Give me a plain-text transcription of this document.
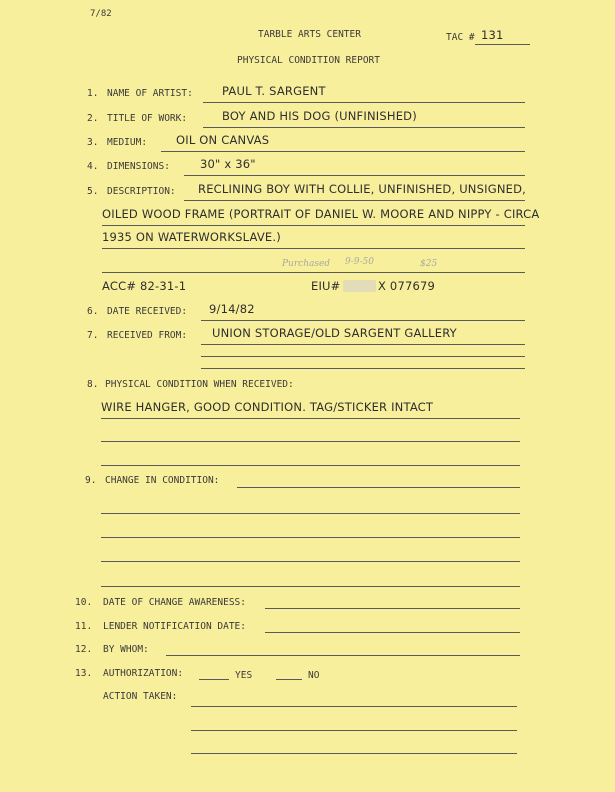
7/82
TARBLE ARTS CENTER	TAC # 131
PHYSICAL CONDITION REPORT
1. NAME OF ARTIST:	PAUL T. SARGENT
2. TITLE OF WORK:	BOY AND HIS DOG (UNFINISHED)
3. MEDIUM:	OIL ON CANVAS
4. DIMENSIONS:	30" x 36"
5. DESCRIPTION: RECLINING BOY WITH COLLIE, UNFINISHED, UNSIGNED,
OILED WOOD FRAME (PORTRAIT OF DANIEL W. MOORE AND NIPPY - CIRCA
1935 ON WATERWORKSLAVE.)
Purchased 9-9-50	$25
ACC# 82-31-1	EIU#	X 077679
6. DATE RECEIVED: 9/14/82
7. RECEIVED FROM: UNION STORAGE/OLD SARGENT GALLERY
8. PHYSICAL CONDITION WHEN RECEIVED:
WIRE HANGER, GOOD CONDITION. TAG/STICKER INTACT
9. CHANGE IN CONDITION:
10. DATE OF CHANGE AWARENESS:
11. LENDER NOTIFICATION DATE:
12. BY WHOM:
13. AUTHORIZATION:	YES	NO
ACTION TAKEN:
